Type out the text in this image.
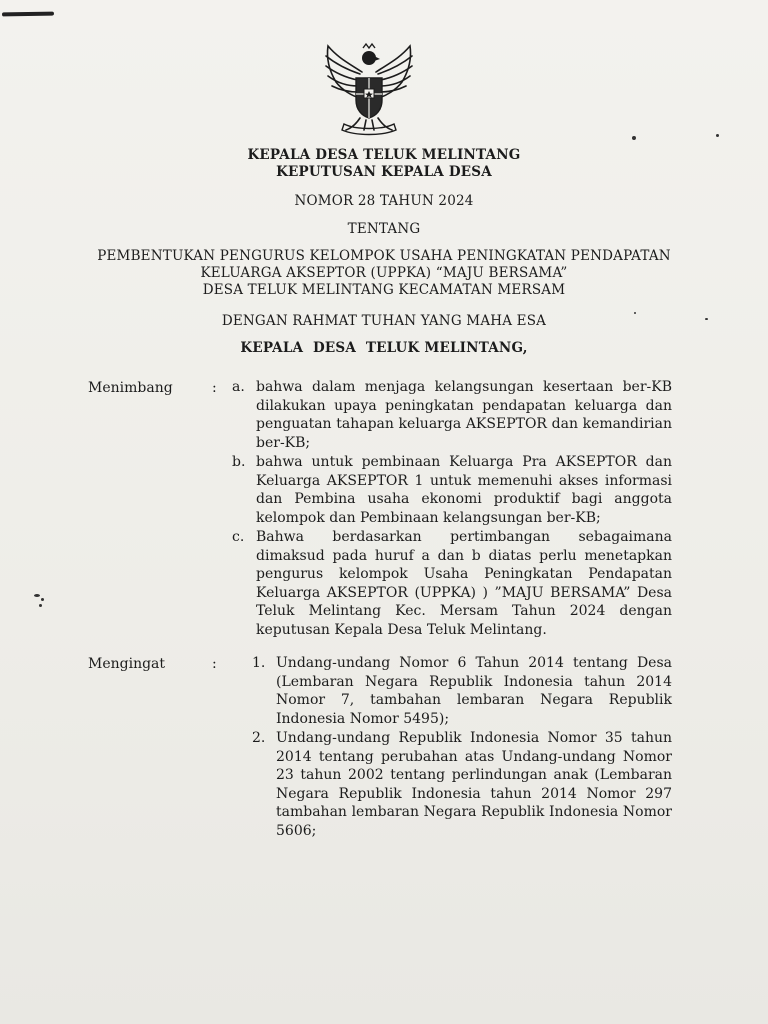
KEPALA DESA TELUK MELINTANG
KEPUTUSAN KEPALA DESA
NOMOR 28 TAHUN 2024
TENTANG
PEMBENTUKAN PENGURUS KELOMPOK USAHA PENINGKATAN PENDAPATAN
KELUARGA AKSEPTOR (UPPKA) “MAJU BERSAMA”
DESA TELUK MELINTANG KECAMATAN MERSAM
DENGAN RAHMAT TUHAN YANG MAHA ESA
KEPALA  DESA  TELUK MELINTANG,
Menimbang	: a. bahwa dalam menjaga kelangsungan kesertaan ber-KB dilakukan upaya peningkatan pendapatan keluarga dan penguatan tahapan keluarga AKSEPTOR dan kemandirian ber-KB;
b. bahwa untuk pembinaan Keluarga Pra AKSEPTOR dan Keluarga AKSEPTOR 1 untuk memenuhi akses informasi dan Pembina usaha ekonomi produktif bagi anggota kelompok dan Pembinaan kelangsungan ber-KB;
c. Bahwa berdasarkan pertimbangan sebagaimana dimaksud pada huruf a dan b diatas perlu menetapkan pengurus kelompok Usaha Peningkatan Pendapatan Keluarga AKSEPTOR (UPPKA) ) ”MAJU BERSAMA” Desa Teluk Melintang Kec. Mersam Tahun 2024 dengan keputusan Kepala Desa Teluk Melintang.
Mengingat	:	1. Undang-undang Nomor 6 Tahun 2014 tentang Desa (Lembaran Negara Republik Indonesia tahun 2014 Nomor 7, tambahan lembaran Negara Republik Indonesia Nomor 5495);
2. Undang-undang Republik Indonesia Nomor 35 tahun 2014 tentang perubahan atas Undang-undang Nomor 23 tahun 2002 tentang perlindungan anak (Lembaran Negara Republik Indonesia tahun 2014 Nomor 297 tambahan lembaran Negara Republik Indonesia Nomor 5606;
